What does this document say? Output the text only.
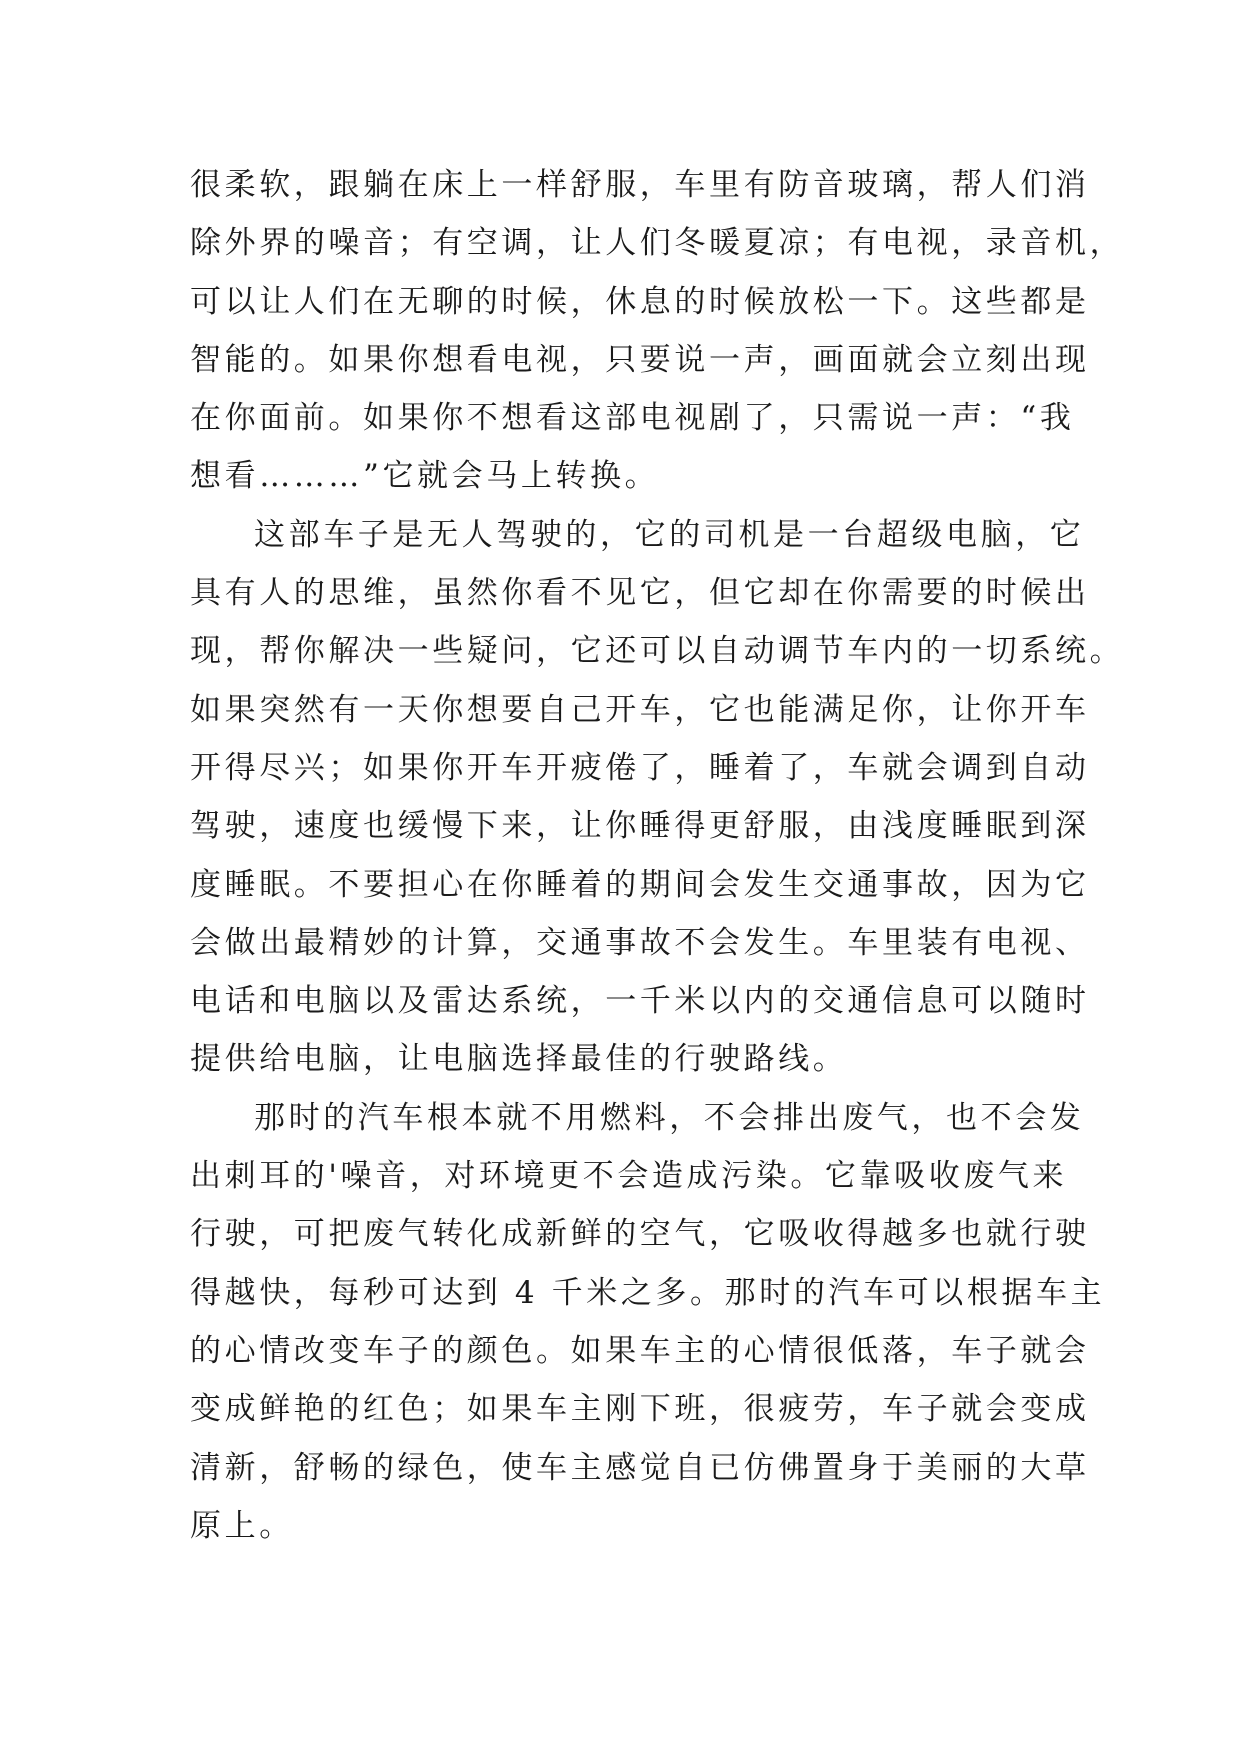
很柔软，跟躺在床上一样舒服，车里有防音玻璃，帮人们消
除外界的噪音；有空调，让人们冬暖夏凉；有电视，录音机，
可以让人们在无聊的时候，休息的时候放松一下。这些都是
智能的。如果你想看电视，只要说一声，画面就会立刻出现
在你面前。如果你不想看这部电视剧了，只需说一声：“我
想看………”它就会马上转换。
这部车子是无人驾驶的，它的司机是一台超级电脑，它
具有人的思维，虽然你看不见它，但它却在你需要的时候出
现，帮你解决一些疑问，它还可以自动调节车内的一切系统。
如果突然有一天你想要自己开车，它也能满足你，让你开车
开得尽兴；如果你开车开疲倦了，睡着了，车就会调到自动
驾驶，速度也缓慢下来，让你睡得更舒服，由浅度睡眠到深
度睡眠。不要担心在你睡着的期间会发生交通事故，因为它
会做出最精妙的计算，交通事故不会发生。车里装有电视、
电话和电脑以及雷达系统，一千米以内的交通信息可以随时
提供给电脑，让电脑选择最佳的行驶路线。
那时的汽车根本就不用燃料，不会排出废气，也不会发
出刺耳的'噪音，对环境更不会造成污染。它靠吸收废气来
行驶，可把废气转化成新鲜的空气，它吸收得越多也就行驶
得越快，每秒可达到 4 千米之多。那时的汽车可以根据车主
的心情改变车子的颜色。如果车主的心情很低落，车子就会
变成鲜艳的红色；如果车主刚下班，很疲劳，车子就会变成
清新，舒畅的绿色，使车主感觉自已仿佛置身于美丽的大草
原上。
